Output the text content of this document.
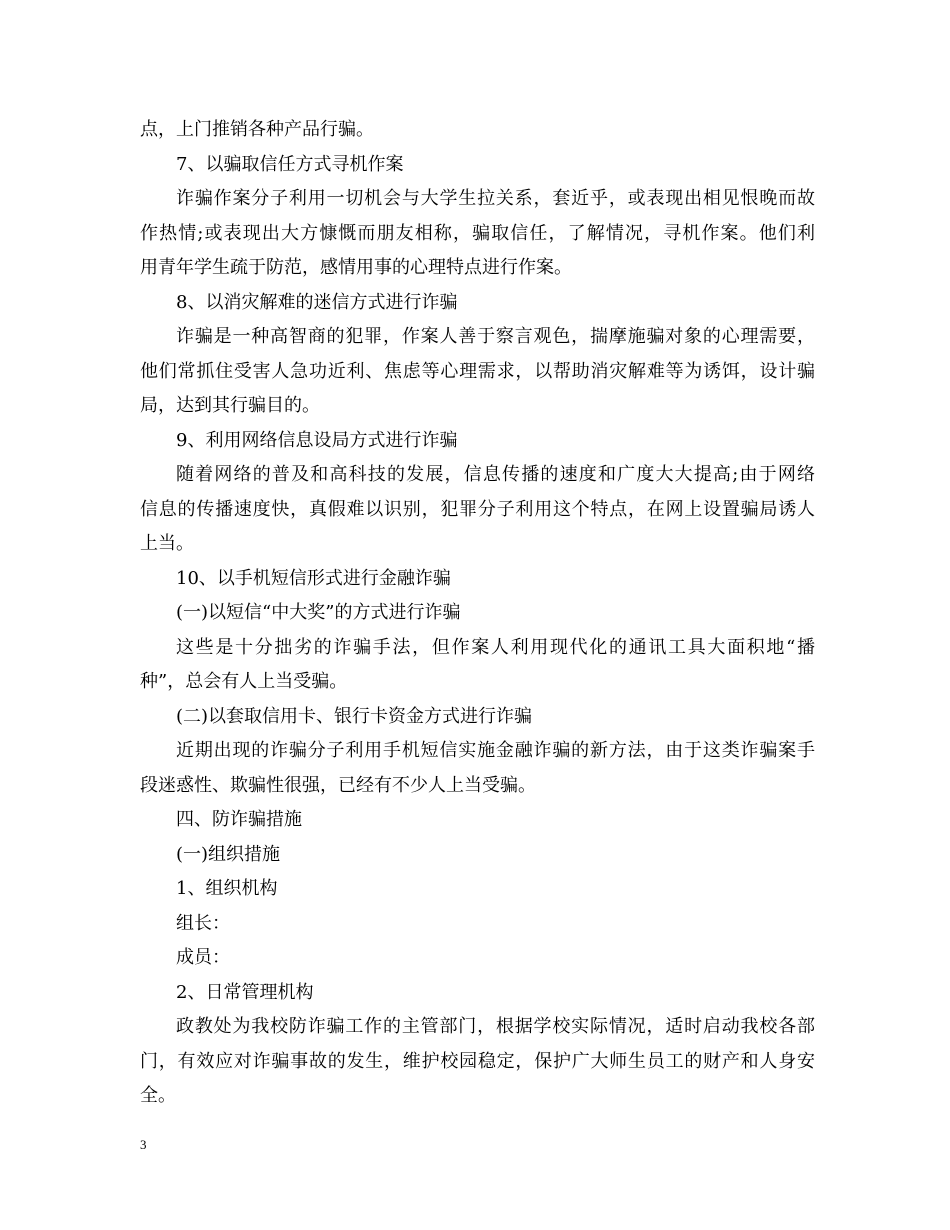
点，上门推销各种产品行骗。
7、以骗取信任方式寻机作案
诈骗作案分子利用一切机会与大学生拉关系，套近乎，或表现出相见恨晚而故
作热情;或表现出大方慷慨而朋友相称，骗取信任，了解情况，寻机作案。他们利
用青年学生疏于防范，感情用事的心理特点进行作案。
8、以消灾解难的迷信方式进行诈骗
诈骗是一种高智商的犯罪，作案人善于察言观色，揣摩施骗对象的心理需要，
他们常抓住受害人急功近利、焦虑等心理需求，以帮助消灾解难等为诱饵，设计骗
局，达到其行骗目的。
9、利用网络信息设局方式进行诈骗
随着网络的普及和高科技的发展，信息传播的速度和广度大大提高;由于网络
信息的传播速度快，真假难以识别，犯罪分子利用这个特点，在网上设置骗局诱人
上当。
10、以手机短信形式进行金融诈骗
(一)以短信“中大奖”的方式进行诈骗
这些是十分拙劣的诈骗手法，但作案人利用现代化的通讯工具大面积地“播
种”，总会有人上当受骗。
(二)以套取信用卡、银行卡资金方式进行诈骗
近期出现的诈骗分子利用手机短信实施金融诈骗的新方法，由于这类诈骗案手
段迷惑性、欺骗性很强，已经有不少人上当受骗。
四、防诈骗措施
(一)组织措施
1、组织机构
组长：
成员：
2、日常管理机构
政教处为我校防诈骗工作的主管部门，根据学校实际情况，适时启动我校各部
门，有效应对诈骗事故的发生，维护校园稳定，保护广大师生员工的财产和人身安
全。
3
